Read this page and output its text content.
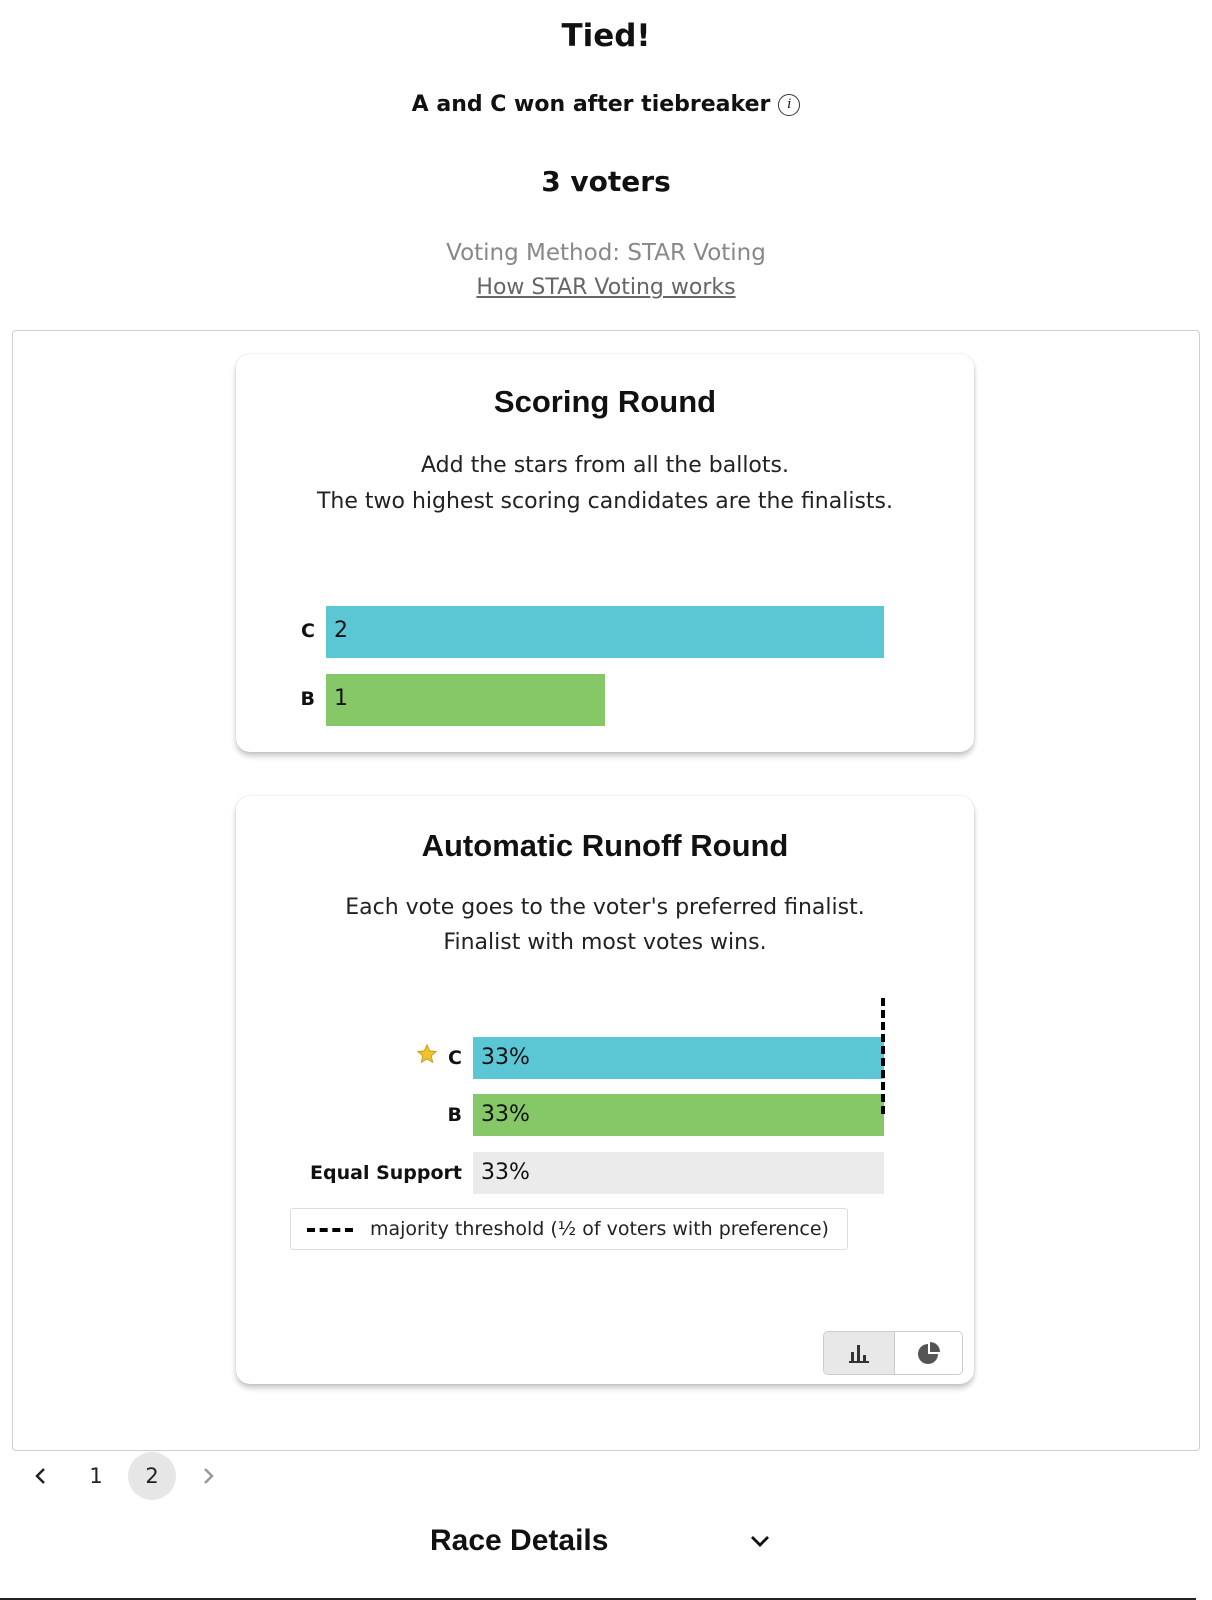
Tied!
A and C won after tiebreaker i
3 voters
Voting Method: STAR Voting
How STAR Voting works
Scoring Round
Add the stars from all the ballots.
The two highest scoring candidates are the finalists.
C 2
B 1
Automatic Runoff Round
Each vote goes to the voter's preferred finalist.
Finalist with most votes wins.
C 33%
B 33%
Equal Support 33%
majority threshold (½ of voters with preference)
1	2
Race Details
